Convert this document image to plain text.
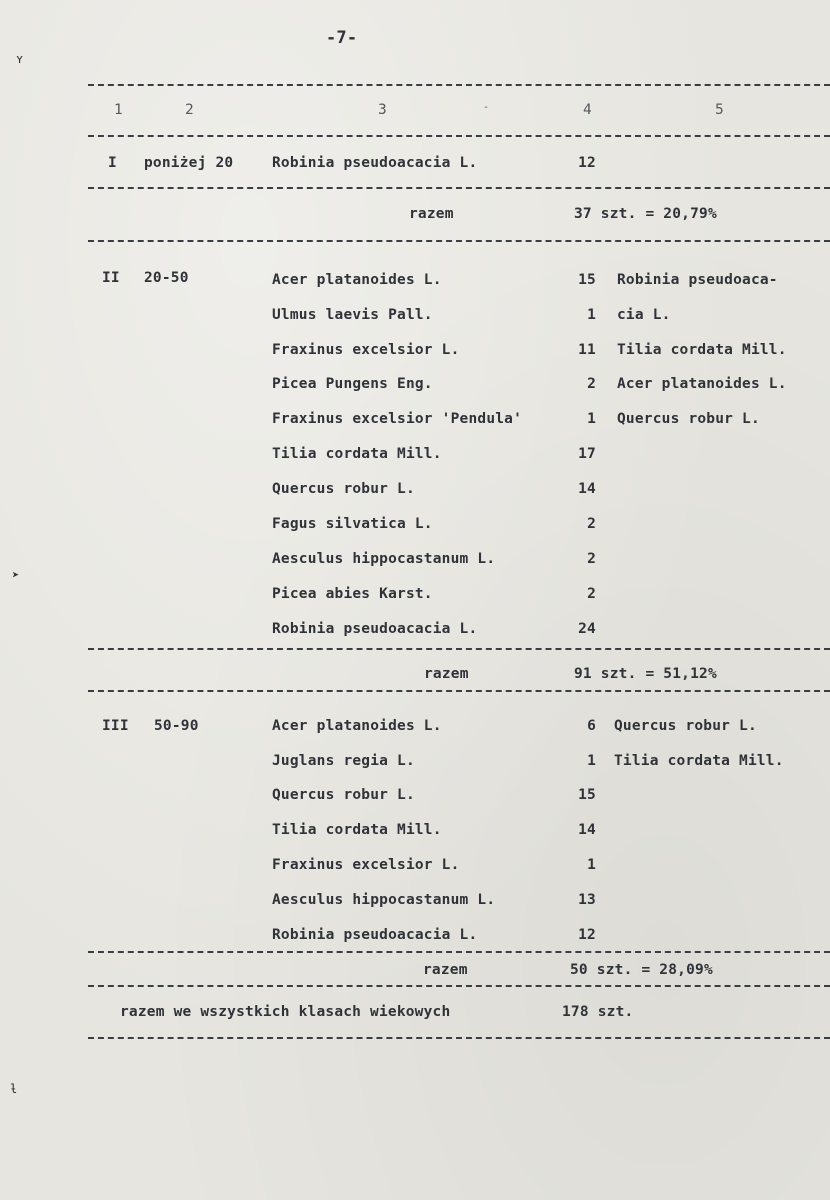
-7-
ʏ
➤
ƚ
1	2	3	-	4	5
I poniżej 20	Robinia pseudoacacia L.	12
razem	37 szt. = 20,79%
II 20-50	Acer platanoides L.	15 Robinia pseudoaca-
Ulmus laevis Pall.	1 cia L.
Fraxinus excelsior L.	11 Tilia cordata Mill.
Picea Pungens Eng.	2 Acer platanoides L.
Fraxinus excelsior 'Pendula'	1 Quercus robur L.
Tilia cordata Mill.	17
Quercus robur L.	14
Fagus silvatica L.	2
Aesculus hippocastanum L.	2
Picea abies Karst.	2
Robinia pseudoacacia L.	24
razem	91 szt. = 51,12%
III 50-90	Acer platanoides L.	6 Quercus robur L.
Juglans regia L.	1 Tilia cordata Mill.
Quercus robur L.	15
Tilia cordata Mill.	14
Fraxinus excelsior L.	1
Aesculus hippocastanum L.	13
Robinia pseudoacacia L.	12
razem	50 szt. = 28,09%
razem we wszystkich klasach wiekowych	178 szt.
